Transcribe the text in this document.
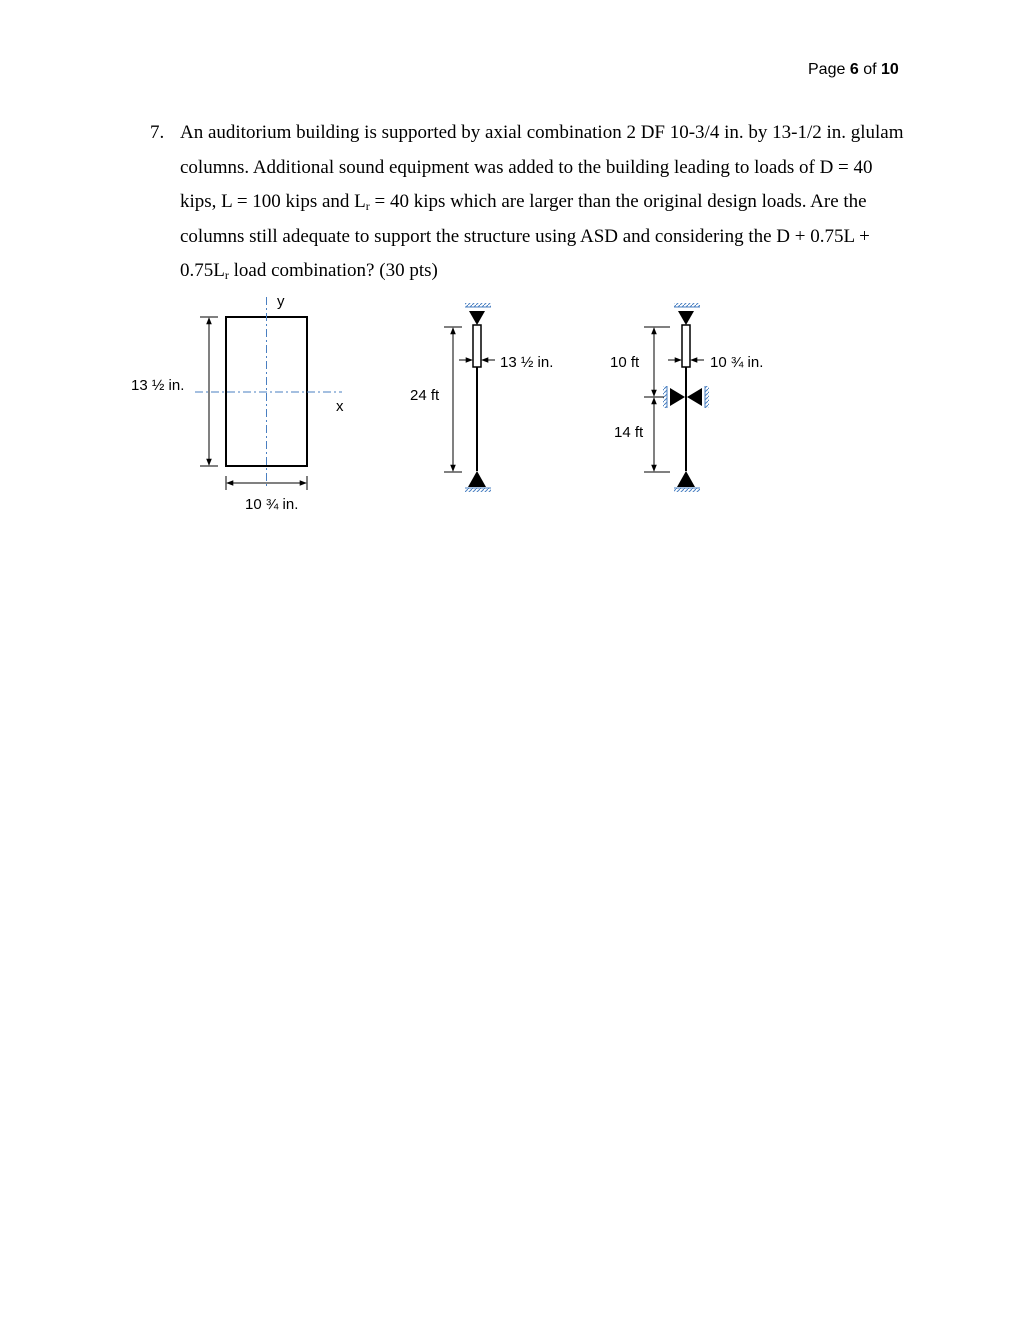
Page 6 of 10
7. An auditorium building is supported by axial combination 2 DF 10-3/4 in. by 13-1/2 in. glulam columns. Additional sound equipment was added to the building leading to loads of D = 40 kips, L = 100 kips and $L_r = 40$ kips which are larger than the original design loads. Are the columns still adequate to support the structure using ASD and considering the $D + 0.75L + 0.75L_r$ load combination? (30 pts)
13 ½ in.
10 ¾ in.
y
x
24 ft
13 ½ in.	10 ft
14 ft
10 ¾ in.
